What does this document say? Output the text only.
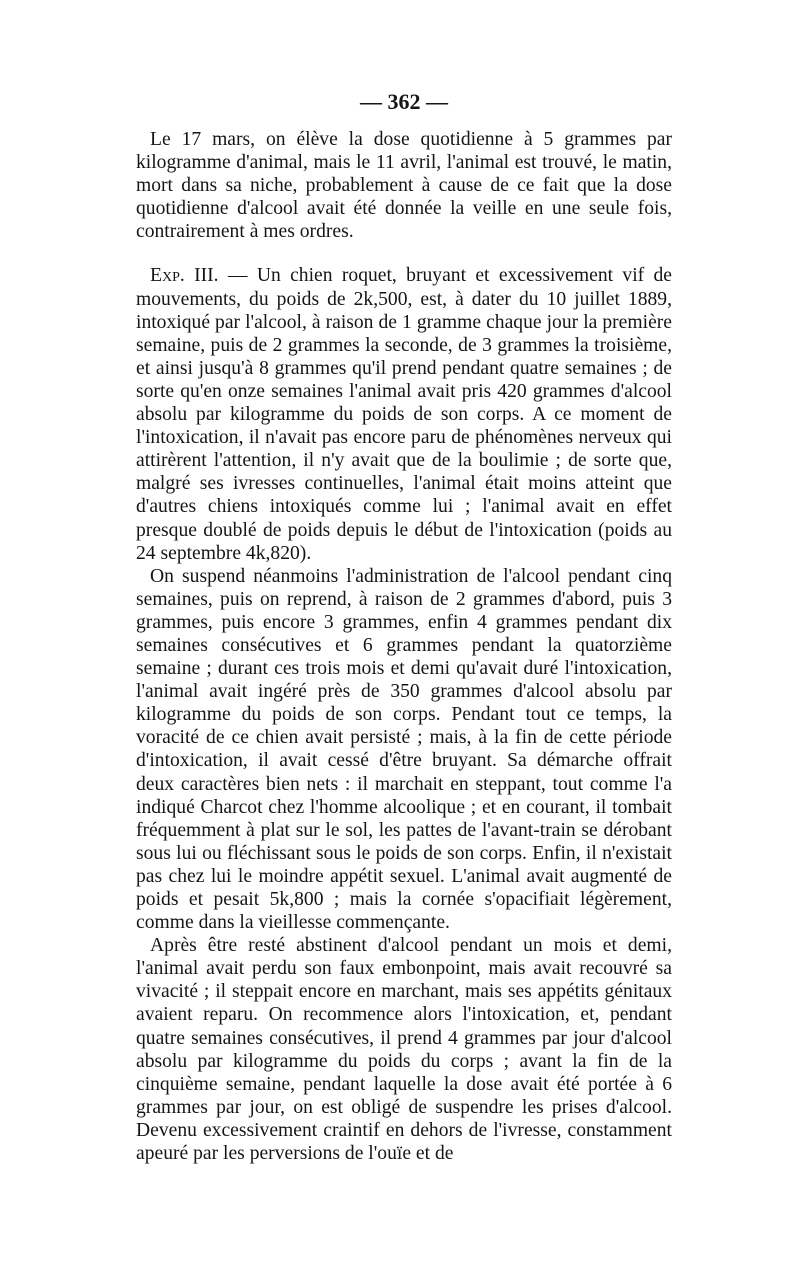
— 362 —

Le 17 mars, on élève la dose quotidienne à 5 grammes par kilogramme d'animal, mais le 11 avril, l'animal est trouvé, le matin, mort dans sa niche, probablement à cause de ce fait que la dose quotidienne d'alcool avait été donnée la veille en une seule fois, contrairement à mes ordres.

Exp. III. — Un chien roquet, bruyant et excessivement vif de mouvements, du poids de 2k,500, est, à dater du 10 juillet 1889, intoxiqué par l'alcool, à raison de 1 gramme chaque jour la première semaine, puis de 2 grammes la seconde, de 3 grammes la troisième, et ainsi jusqu'à 8 grammes qu'il prend pendant quatre semaines ; de sorte qu'en onze semaines l'animal avait pris 420 grammes d'alcool absolu par kilogramme du poids de son corps. A ce moment de l'intoxication, il n'avait pas encore paru de phénomènes nerveux qui attirèrent l'attention, il n'y avait que de la boulimie ; de sorte que, malgré ses ivresses continuelles, l'animal était moins atteint que d'autres chiens intoxiqués comme lui ; l'animal avait en effet presque doublé de poids depuis le début de l'intoxication (poids au 24 septembre 4k,820).

On suspend néanmoins l'administration de l'alcool pendant cinq semaines, puis on reprend, à raison de 2 grammes d'abord, puis 3 grammes, puis encore 3 grammes, enfin 4 grammes pendant dix semaines consécutives et 6 grammes pendant la quatorzième semaine ; durant ces trois mois et demi qu'avait duré l'intoxication, l'animal avait ingéré près de 350 grammes d'alcool absolu par kilogramme du poids de son corps. Pendant tout ce temps, la voracité de ce chien avait persisté ; mais, à la fin de cette période d'intoxication, il avait cessé d'être bruyant. Sa démarche offrait deux caractères bien nets : il marchait en steppant, tout comme l'a indiqué Charcot chez l'homme alcoolique ; et en courant, il tombait fréquemment à plat sur le sol, les pattes de l'avant-train se dérobant sous lui ou fléchissant sous le poids de son corps. Enfin, il n'existait pas chez lui le moindre appétit sexuel. L'animal avait augmenté de poids et pesait 5k,800 ; mais la cornée s'opacifiait légèrement, comme dans la vieillesse commençante.

Après être resté abstinent d'alcool pendant un mois et demi, l'animal avait perdu son faux embonpoint, mais avait recouvré sa vivacité ; il steppait encore en marchant, mais ses appétits génitaux avaient reparu. On recommence alors l'intoxication, et, pendant quatre semaines consécutives, il prend 4 grammes par jour d'alcool absolu par kilogramme du poids du corps ; avant la fin de la cinquième semaine, pendant laquelle la dose avait été portée à 6 grammes par jour, on est obligé de suspendre les prises d'alcool. Devenu excessivement craintif en dehors de l'ivresse, constamment apeuré par les perversions de l'ouïe et de
